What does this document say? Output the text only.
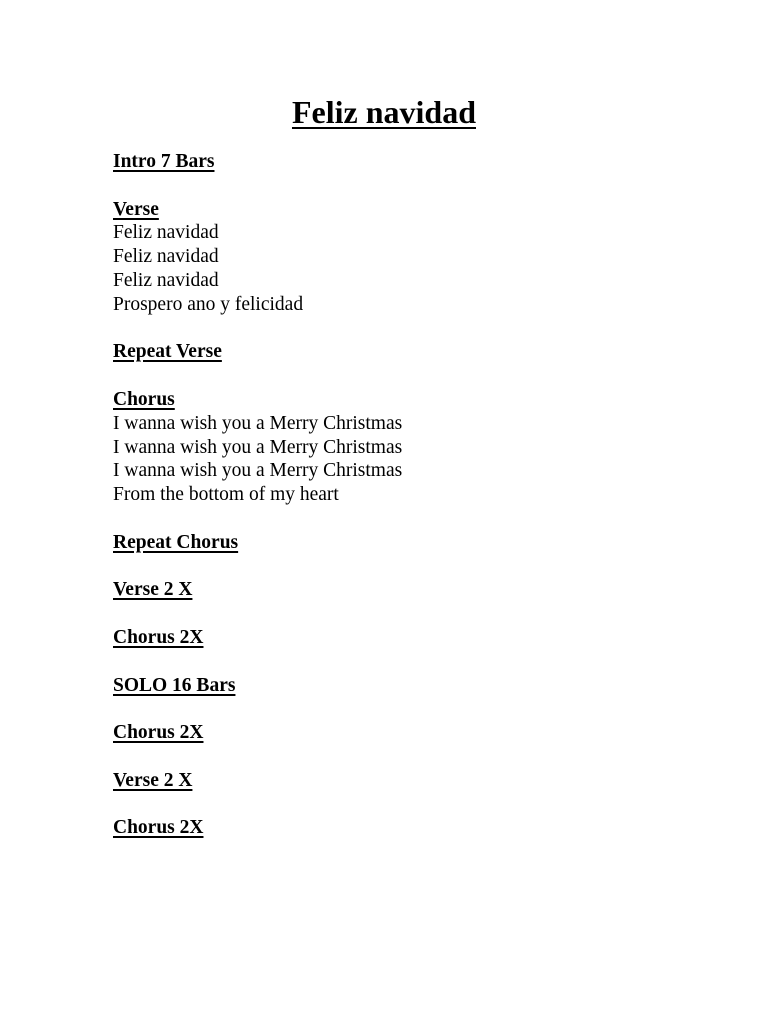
Feliz navidad
Intro 7 Bars
Verse
Feliz navidad
Feliz navidad
Feliz navidad
Prospero ano y felicidad
Repeat Verse
Chorus
I wanna wish you a Merry Christmas
I wanna wish you a Merry Christmas
I wanna wish you a Merry Christmas
From the bottom of my heart
Repeat Chorus
Verse 2 X
Chorus 2X
SOLO 16 Bars
Chorus 2X
Verse 2 X
Chorus 2X
